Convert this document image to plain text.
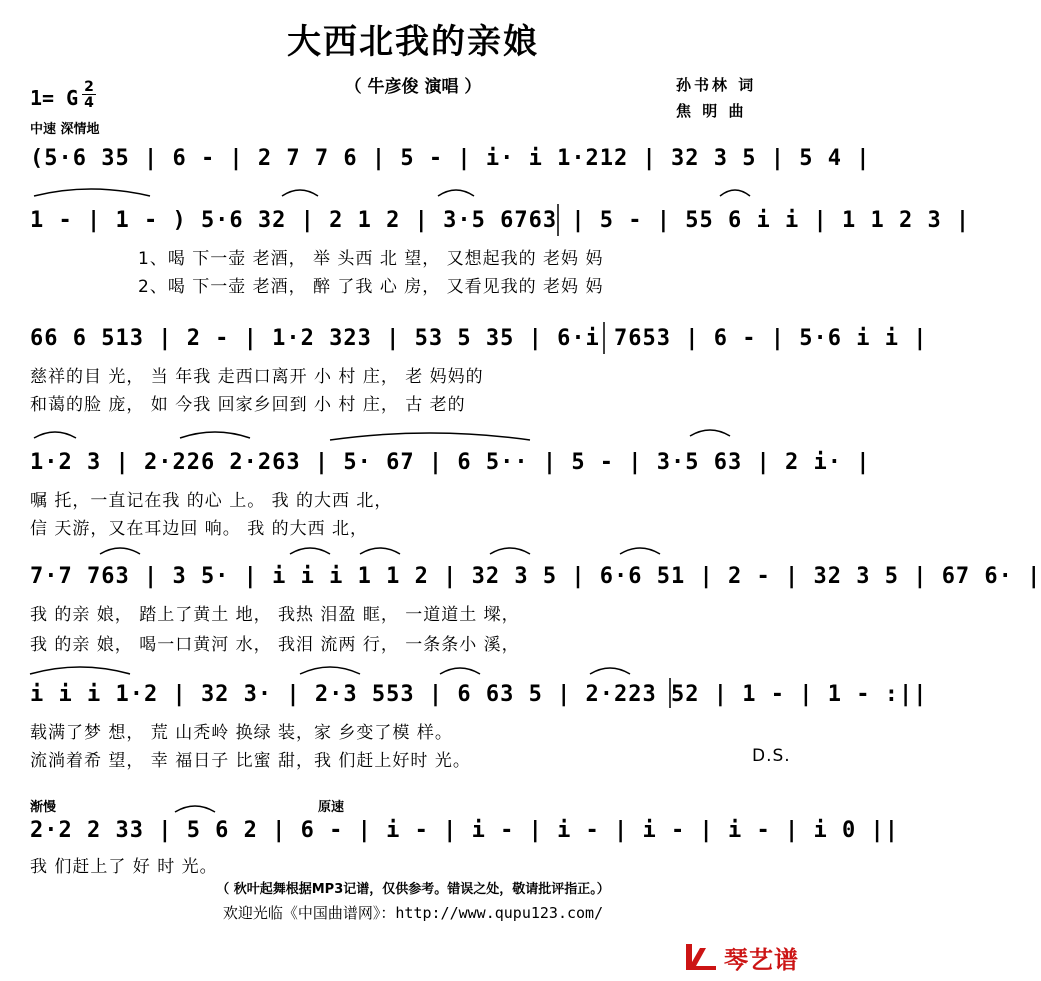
大西北我的亲娘
（ 牛彦俊 演唱 ）
1= G 2
4
中速 深情地
孙书林 词
焦 明 曲
(5·6 35 | 6 - | 2 7 7 6 | 5 - | i· i 1·212 | 32 3 5 | 5 4 |
1 - | 1 - ) 5·6 32 | 2 1 2 | 3·5 6763 | 5 - | 55 6 i i | 1 1 2 3 |
1、喝 下一壶 老酒， 举 头西 北 望， 又想起我的 老妈 妈
2、喝 下一壶 老酒， 醉 了我 心 房， 又看见我的 老妈 妈
66 6 513 | 2 - | 1·2 323 | 53 5 35 | 6·i 7653 | 6 - | 5·6 i i |
慈祥的目 光， 当 年我 走西口离开 小 村 庄， 老 妈妈的
和蔼的脸 庞， 如 今我 回家乡回到 小 村 庄， 古 老的
1·2 3 | 2·226 2·263 | 5· 67 | 6 5·· | 5 - | 3·5 63 | 2 i· |
嘱 托，一直记在我 的心 上。 我 的大西 北，
信 天游，又在耳边回 响。 我 的大西 北，
7·7 763 | 3 5· | i i i 1 1 2 | 32 3 5 | 6·6 51 | 2 - | 32 3 5 | 67 6· |
我 的亲 娘， 踏上了黄土 地， 我热 泪盈 眶， 一道道土 墚，
我 的亲 娘， 喝一口黄河 水， 我泪 流两 行， 一条条小 溪，
i i i 1·2 | 32 3· | 2·3 553 | 6 63 5 | 2·223 52 | 1 - | 1 - :||
载满了梦 想， 荒 山秃岭 换绿 装，家 乡变了模 样。
流淌着希 望， 幸 福日子 比蜜 甜，我 们赶上好时 光。	D.S.
渐慢	原速
2·2 2 33 | 5 6 2 | 6 - | i - | i - | i - | i - | i - | i 0 ||
我 们赶上了 好 时 光。
（ 秋叶起舞根据MP3记谱，仅供参考。错误之处，敬请批评指正。）
欢迎光临《中国曲谱网》：http://www.qupu123.com/
琴艺谱
